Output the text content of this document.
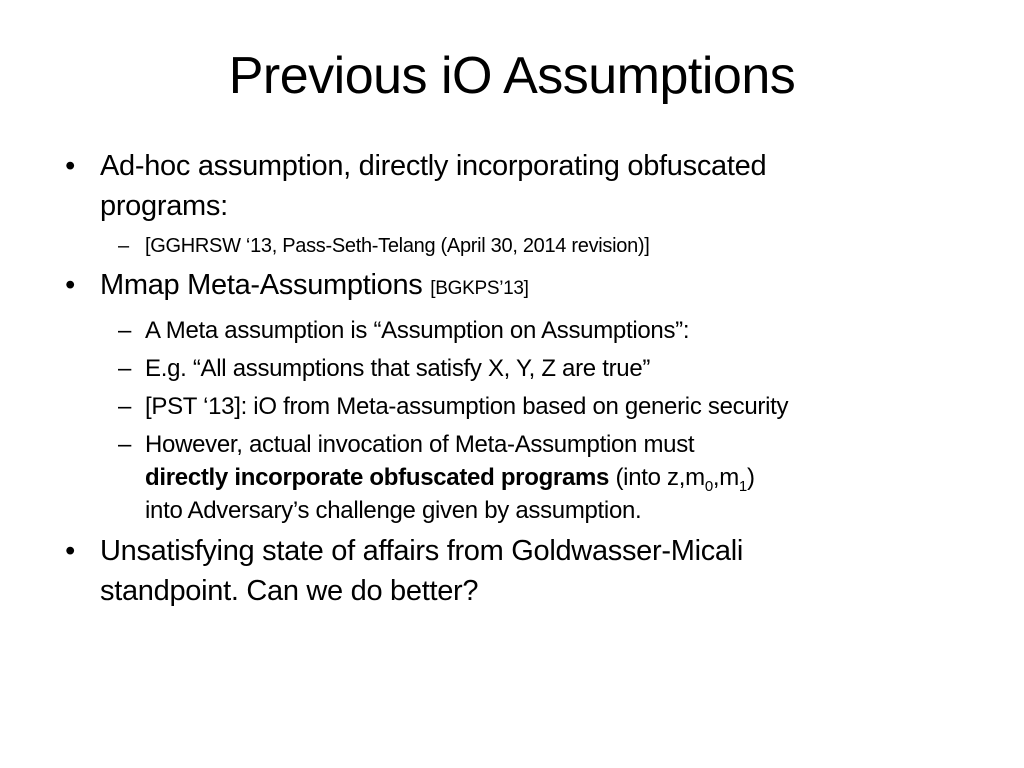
Previous iO Assumptions
• Ad-hoc assumption, directly incorporating obfuscated
programs:
– [GGHRSW ‘13, Pass-Seth-Telang (April 30, 2014 revision)]
• Mmap Meta-Assumptions [BGKPS’13]
– A Meta assumption is “Assumption on Assumptions”:
– E.g. “All assumptions that satisfy X, Y, Z are true”
– [PST ‘13]: iO from Meta-assumption based on generic security
– However, actual invocation of Meta-Assumption must
directly incorporate obfuscated programs (into $z,m_0,m_1$)
into Adversary’s challenge given by assumption.
• Unsatisfying state of affairs from Goldwasser-Micali
standpoint. Can we do better?
